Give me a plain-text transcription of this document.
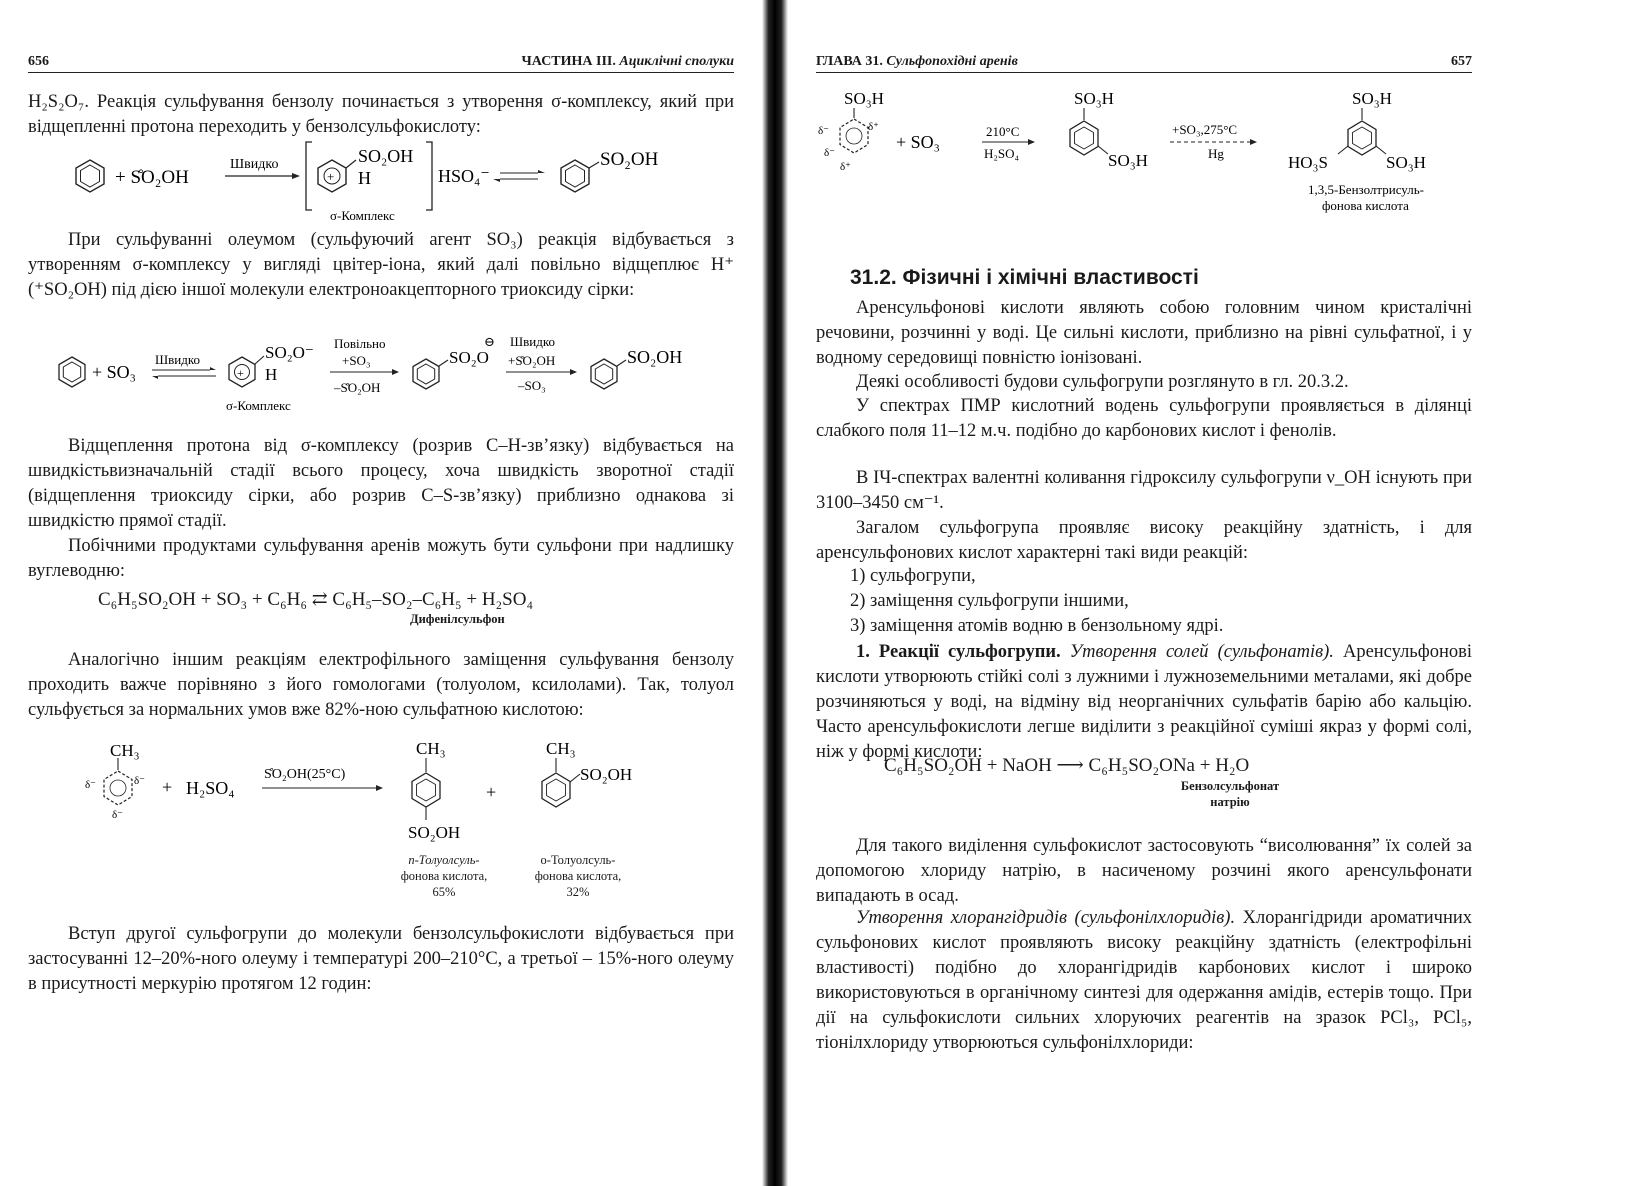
656	ЧАСТИНА III. Ациклічні сполуки

H₂S₂O₇. Реакція сульфування бензолу починається з утворення σ-комплексу, який при відщепленні протона переходить у бензолсульфокислоту:

+ S̊O₂OH
Швидко
+
SO₂OH
H	HSO₄⁻
SO₂OH
σ-Комплекс

При сульфуванні олеумом (сульфуючий агент SO₃) реакція відбувається з утворенням σ-комплексу у вигляді цвітер-іона, який далі повільно відщеплює H⁺ (⁺SO₂OH) під дією іншої молекули електроноакцепторного триоксиду сірки:

+ SO₃
Швидко
+
SO₂O⁻
H
σ-Комплекс
Повільно
+SO₃
–S̊O₂OH
SO₂O
⊖ Швидко
+S̊O₂OH
–SO₃
SO₂OH

Відщеплення протона від σ-комплексу (розрив C–H-зв’язку) відбувається на швидкістьвизначальній стадії всього процесу, хоча швидкість зворотної стадії (відщеплення триоксиду сірки, або розрив C–S-зв’язку) приблизно однакова зі швидкістю прямої стадії.

Побічними продуктами сульфування аренів можуть бути сульфони при надлишку вуглеводню:

C₆H₅SO₂OH + SO₃ + C₆H₆ ⇄ C₆H₅–SO₂–C₆H₅ + H₂SO₄
Дифенілсульфон

Аналогічно іншим реакціям електрофільного заміщення сульфування бензолу проходить важче порівняно з його гомологами (толуолом, ксилолами). Так, толуол сульфується за нормальних умов вже 82%-ною сульфатною кислотою:

CH₃
δ⁻	δ⁻
δ⁻
+ H₂SO₄
S̊O₂OH(25°C)
CH₃
SO₂OH
+
CH₃
SO₂OH
п-Толуолсуль-
фонова кислота,
65%
о-Толуолсуль-
фонова кислота,
32%

Вступ другої сульфогрупи до молекули бензолсульфокислоти відбувається при застосуванні 12–20%-ного олеуму і температурі 200–210°С, а третьої – 15%-ного олеуму в присутності меркурію протягом 12 годин:

ГЛАВА 31. Сульфопохідні аренів	657
SO₃H
δ⁻	δ⁺
δ⁻
δ⁺
+ SO₃
210°C
H₂SO₄
SO₃H
SO₃H
+SO₃,275°C
Hg
SO₃H
HO₃S	SO₃H
1,3,5-Бензолтрисуль-
фонова кислота
31.2. Фізичні і хімічні властивості

Аренсульфонові кислоти являють собою головним чином кристалічні речовини, розчинні у воді. Це сильні кислоти, приблизно на рівні сульфатної, і у водному середовищі повністю іонізовані.

Деякі особливості будови сульфогрупи розглянуто в гл. 20.3.2.

У спектрах ПМР кислотний водень сульфогрупи проявляється в ділянці слабкого поля 11–12 м.ч. подібно до карбонових кислот і фенолів.

В ІЧ-спектрах валентні коливання гідроксилу сульфогрупи ν_OH існують при 3100–3450 см⁻¹.

Загалом сульфогрупа проявляє високу реакційну здатність, і для аренсульфонових кислот характерні такі види реакцій:

1) сульфогрупи,
2) заміщення сульфогрупи іншими,
3) заміщення атомів водню в бензольному ядрі.

1. Реакції сульфогрупи. Утворення солей (сульфонатів). Аренсульфонові кислоти утворюють стійкі солі з лужними і лужноземельними металами, які добре розчиняються у воді, на відміну від неорганічних сульфатів барію або кальцію. Часто аренсульфокислоти легше виділити з реакційної суміші якраз у формі солі, ніж у формі кислоти:

C₆H₅SO₂OH + NaOH ⟶ C₆H₅SO₂ONa + H₂O
Бензолсульфонат
натрію

Для такого виділення сульфокислот застосовують “висолювання” їх солей за допомогою хлориду натрію, в насиченому розчині якого аренсульфонати випадають в осад.

Утворення хлорангідридів (сульфонілхлоридів). Хлорангідриди ароматичних сульфонових кислот проявляють високу реакційну здатність (електрофільні властивості) подібно до хлорангідридів карбонових кислот і широко використовуються в органічному синтезі для одержання амідів, естерів тощо. При дії на сульфокислоти сильних хлоруючих реагентів на зразок PCl₃, PCl₅, тіонілхлориду утворюються сульфонілхлориди:
